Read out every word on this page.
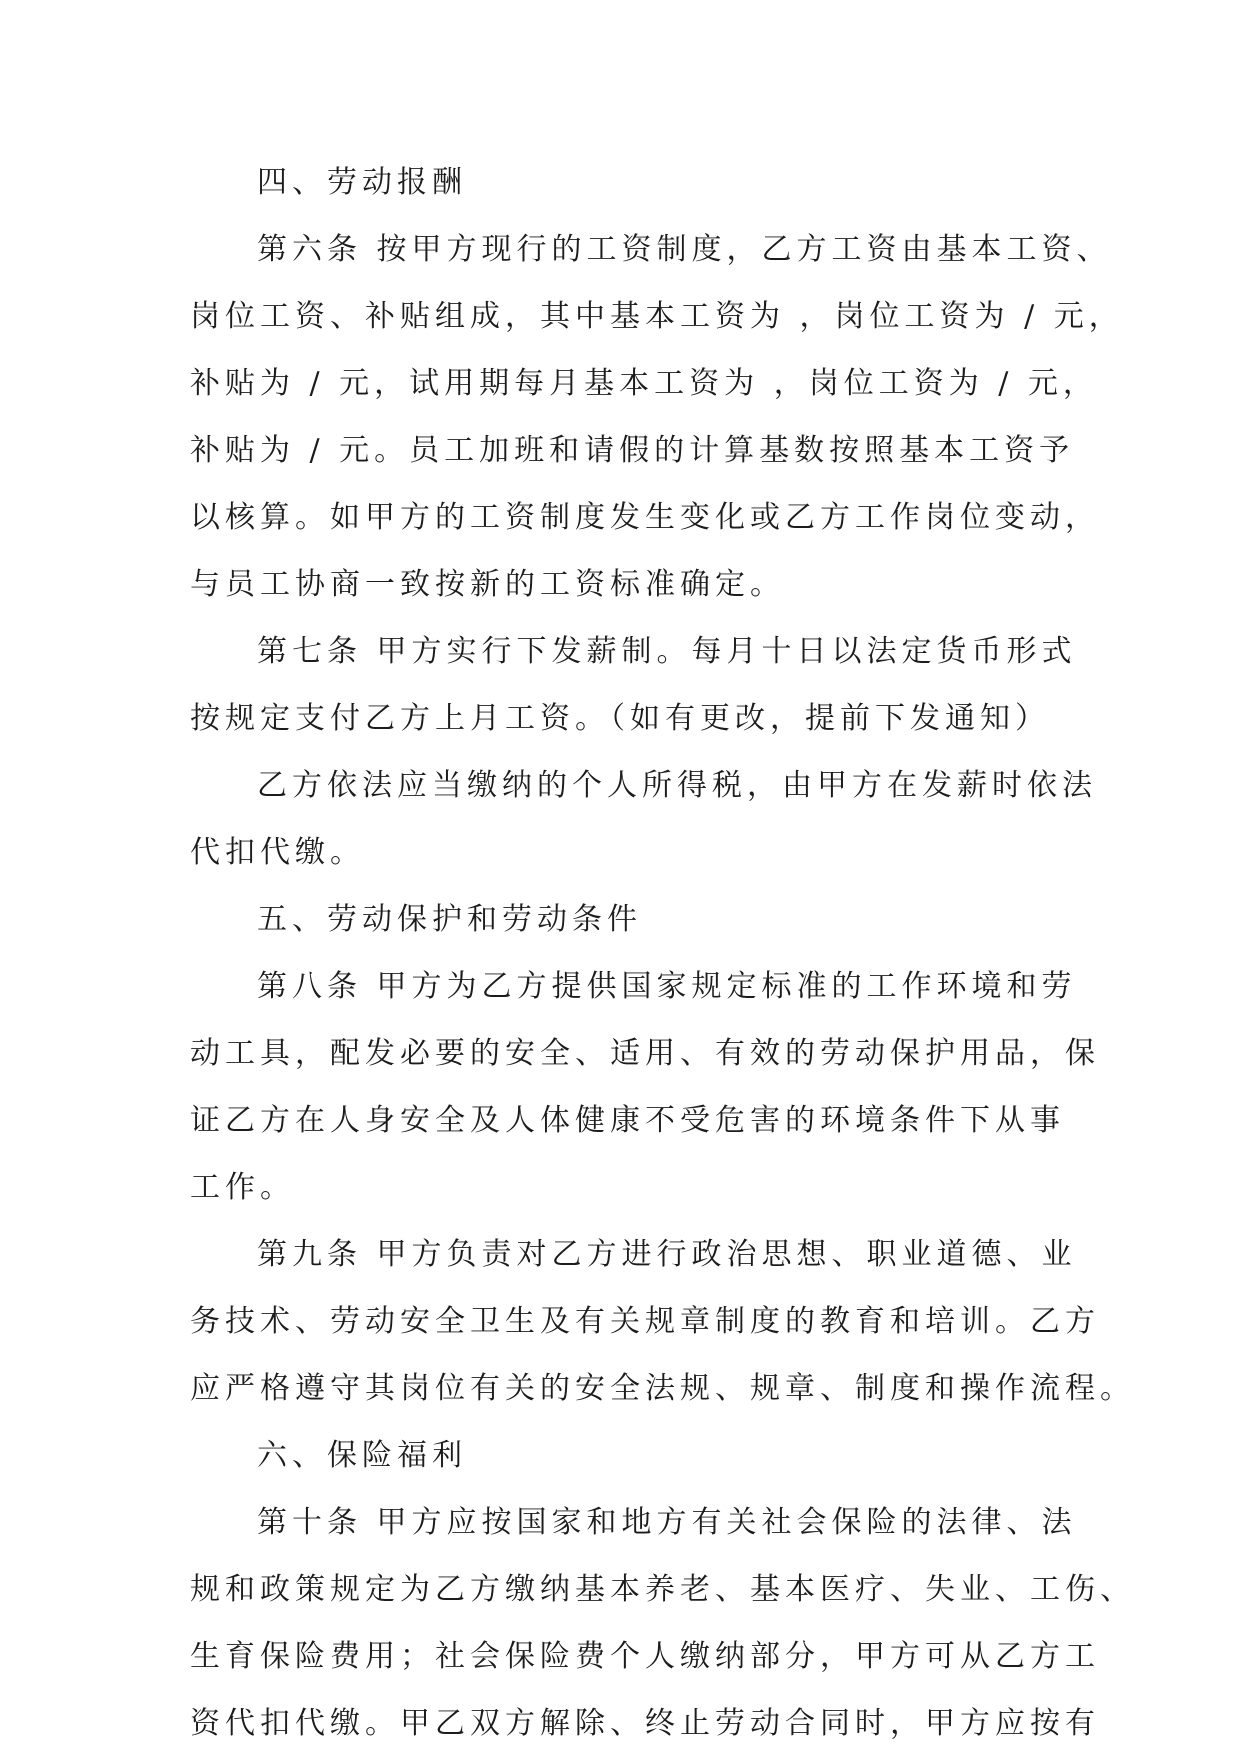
四、劳动报酬
第六条 按甲方现行的工资制度，乙方工资由基本工资、
岗位工资、补贴组成，其中基本工资为 ，岗位工资为 / 元，
补贴为 / 元，试用期每月基本工资为 ，岗位工资为 / 元，
补贴为 / 元。员工加班和请假的计算基数按照基本工资予
以核算。如甲方的工资制度发生变化或乙方工作岗位变动，
与员工协商一致按新的工资标准确定。
第七条 甲方实行下发薪制。每月十日以法定货币形式
按规定支付乙方上月工资。（如有更改，提前下发通知）
乙方依法应当缴纳的个人所得税，由甲方在发薪时依法
代扣代缴。
五、劳动保护和劳动条件
第八条 甲方为乙方提供国家规定标准的工作环境和劳
动工具，配发必要的安全、适用、有效的劳动保护用品，保
证乙方在人身安全及人体健康不受危害的环境条件下从事
工作。
第九条 甲方负责对乙方进行政治思想、职业道德、业
务技术、劳动安全卫生及有关规章制度的教育和培训。乙方
应严格遵守其岗位有关的安全法规、规章、制度和操作流程。
六、保险福利
第十条 甲方应按国家和地方有关社会保险的法律、法
规和政策规定为乙方缴纳基本养老、基本医疗、失业、工伤、
生育保险费用；社会保险费个人缴纳部分，甲方可从乙方工
资代扣代缴。甲乙双方解除、终止劳动合同时，甲方应按有
